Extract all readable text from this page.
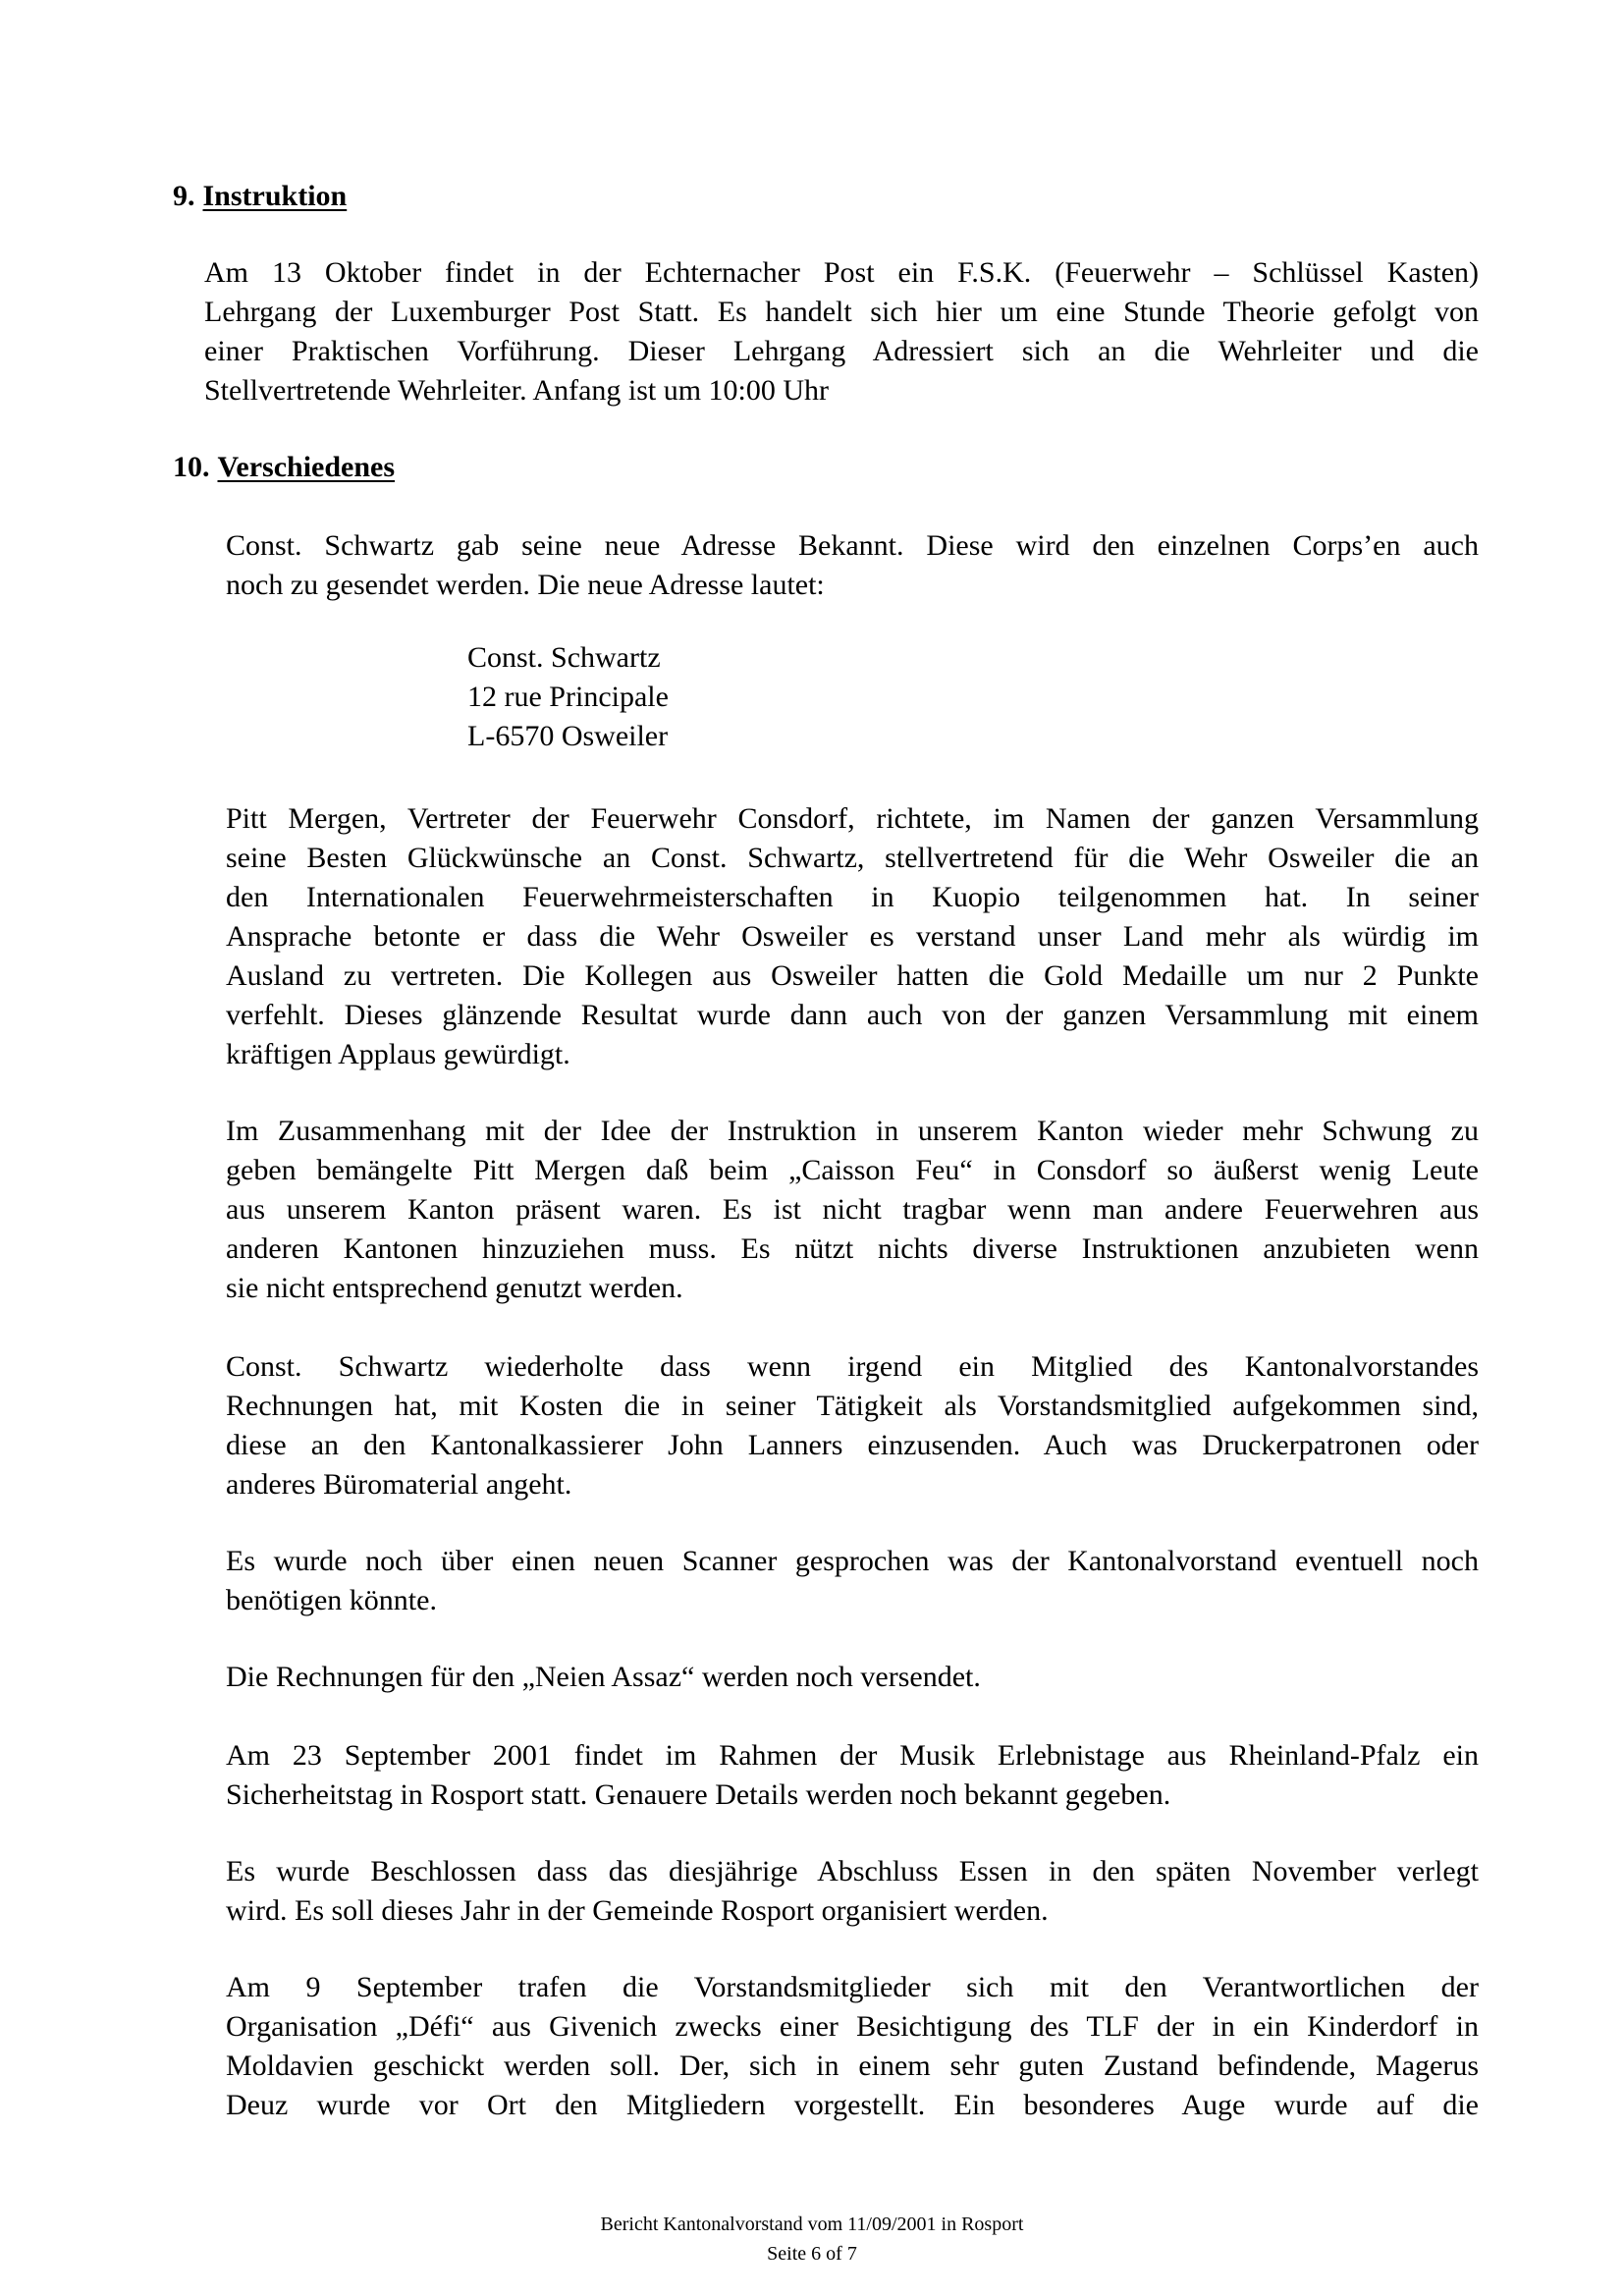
9. Instruktion
Am 13 Oktober findet in der Echternacher Post ein F.S.K. (Feuerwehr – Schlüssel Kasten)
Lehrgang der Luxemburger Post Statt. Es handelt sich hier um eine Stunde Theorie gefolgt von
einer Praktischen Vorführung. Dieser Lehrgang Adressiert sich an die Wehrleiter und die
Stellvertretende Wehrleiter. Anfang ist um 10:00 Uhr
10. Verschiedenes
Const. Schwartz gab seine neue Adresse Bekannt. Diese wird den einzelnen Corps’en auch
noch zu gesendet werden. Die neue Adresse lautet:
Const. Schwartz
12 rue Principale
L-6570 Osweiler
Pitt Mergen, Vertreter der Feuerwehr Consdorf, richtete, im Namen der ganzen Versammlung
seine Besten Glückwünsche an Const. Schwartz, stellvertretend für die Wehr Osweiler die an
den Internationalen Feuerwehrmeisterschaften in Kuopio teilgenommen hat. In seiner
Ansprache betonte er dass die Wehr Osweiler es verstand unser Land mehr als würdig im
Ausland zu vertreten. Die Kollegen aus Osweiler hatten die Gold Medaille um nur 2 Punkte
verfehlt. Dieses glänzende Resultat wurde dann auch von der ganzen Versammlung mit einem
kräftigen Applaus gewürdigt.
Im Zusammenhang mit der Idee der Instruktion in unserem Kanton wieder mehr Schwung zu
geben bemängelte Pitt Mergen daß beim „Caisson Feu“ in Consdorf so äußerst wenig Leute
aus unserem Kanton präsent waren. Es ist nicht tragbar wenn man andere Feuerwehren aus
anderen Kantonen hinzuziehen muss. Es nützt nichts diverse Instruktionen anzubieten wenn
sie nicht entsprechend genutzt werden.
Const. Schwartz wiederholte dass wenn irgend ein Mitglied des Kantonalvorstandes
Rechnungen hat, mit Kosten die in seiner Tätigkeit als Vorstandsmitglied aufgekommen sind,
diese an den Kantonalkassierer John Lanners einzusenden. Auch was Druckerpatronen oder
anderes Büromaterial angeht.
Es wurde noch über einen neuen Scanner gesprochen was der Kantonalvorstand eventuell noch
benötigen könnte.
Die Rechnungen für den „Neien Assaz“ werden noch versendet.
Am 23 September 2001 findet im Rahmen der Musik Erlebnistage aus Rheinland-Pfalz ein
Sicherheitstag in Rosport statt. Genauere Details werden noch bekannt gegeben.
Es wurde Beschlossen dass das diesjährige Abschluss Essen in den späten November verlegt
wird. Es soll dieses Jahr in der Gemeinde Rosport organisiert werden.
Am 9 September trafen die Vorstandsmitglieder sich mit den Verantwortlichen der
Organisation „Défi“ aus Givenich zwecks einer Besichtigung des TLF der in ein Kinderdorf in
Moldavien geschickt werden soll. Der, sich in einem sehr guten Zustand befindende, Magerus
Deuz wurde vor Ort den Mitgliedern vorgestellt. Ein besonderes Auge wurde auf die
Bericht Kantonalvorstand vom 11/09/2001 in Rosport
Seite 6 of 7
